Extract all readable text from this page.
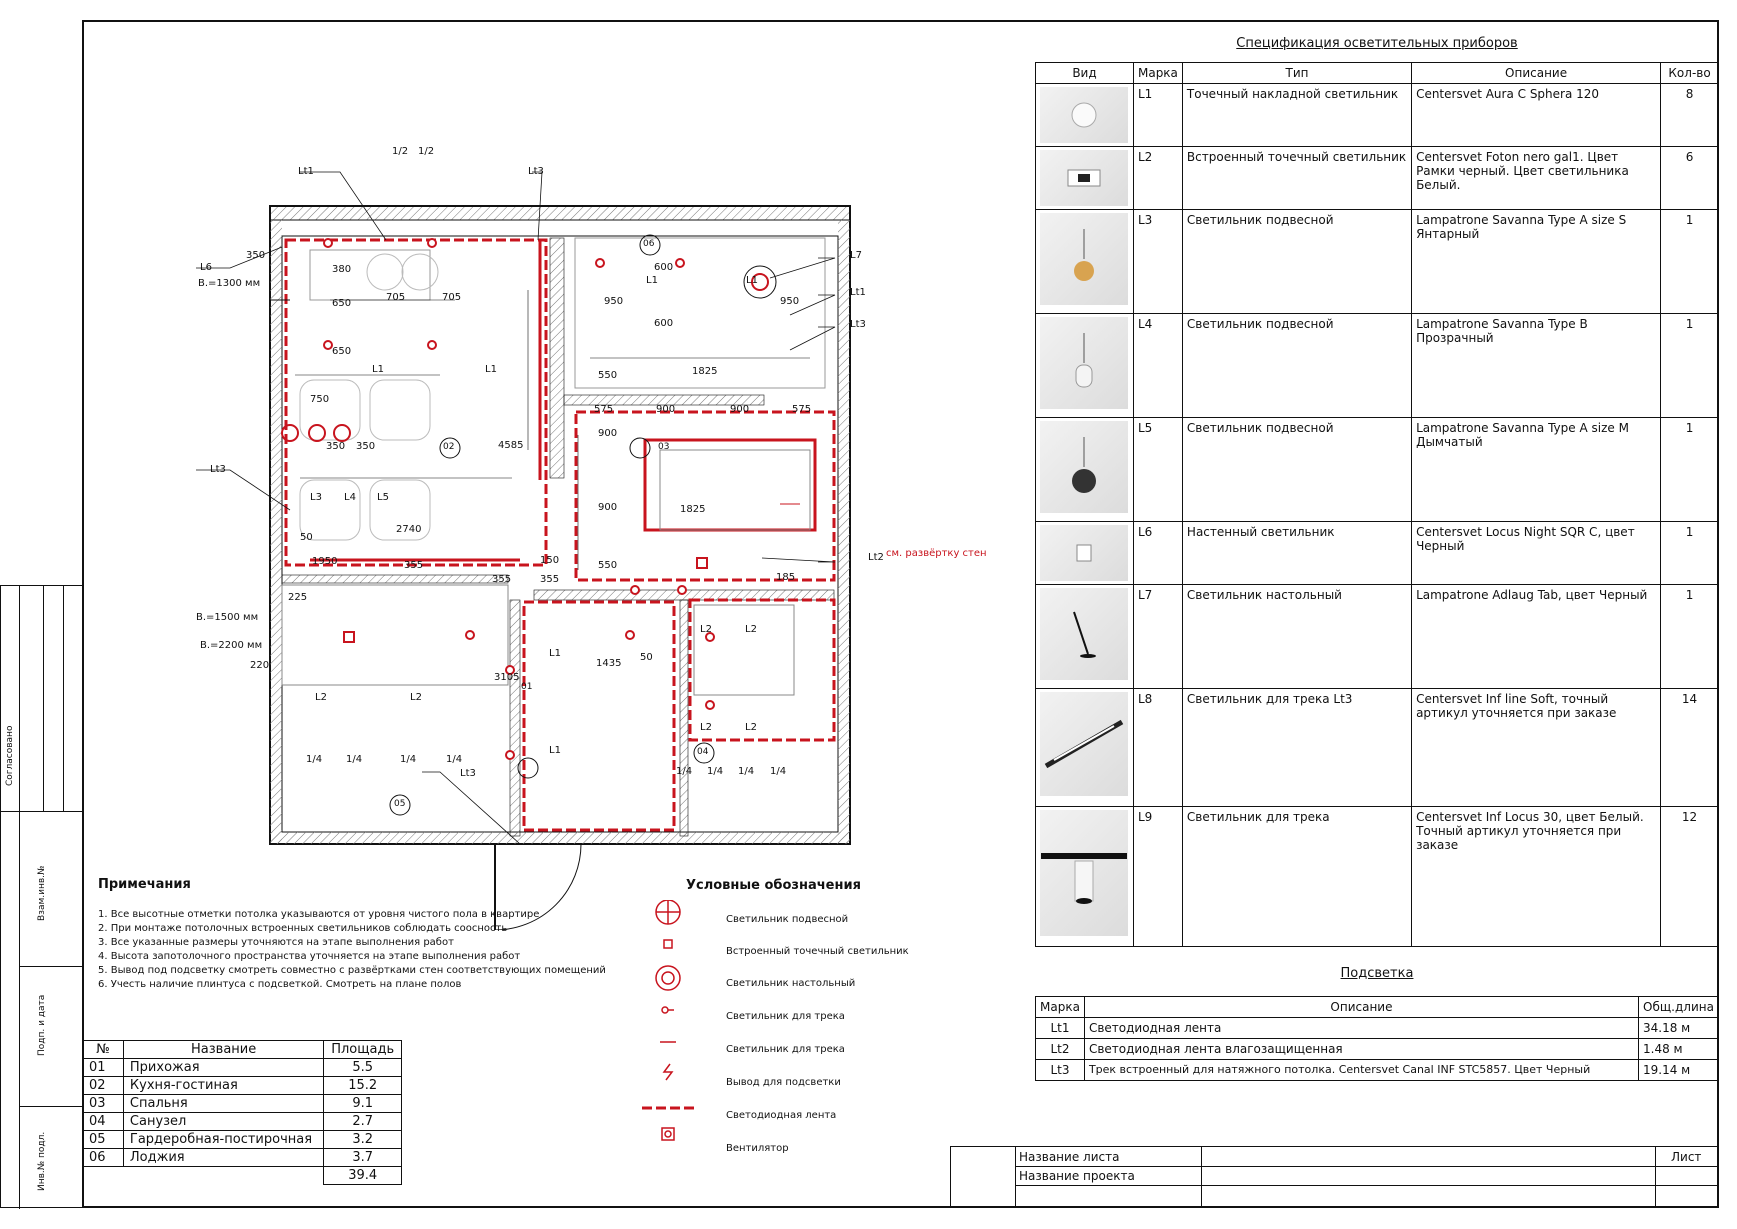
Согласовано
Взам.инв.№
Подп. и дата
Инв.№ подл.
Lt1	Lt3
1/2 1/2
L6
В.=1300 мм
L7
Lt1
Lt3
Lt3
Lt2
Lt3
В.=1500 мм
В.=2200 мм
см. развёртку стен
350
380
650
650
705	705
750
350 350
2740
4585
950	950
600
600
1825
575	900	900	575
550
900
900
550
1825
150
355
355
355
1950
225
220	1435
3105
50
185
50
01
02	03
04
05
06
L1	L1
L1	L1
L1
L1
L2	L2
L2	L2
L2	L2
L3 L4 L5
1/4 1/4	1/4	1/4
1/4 1/4 1/4 1/4
Спецификация осветительных приборов
Вид	Марка	Тип	Описание	Кол-во

	L1	Точечный накладной светильник	Centersvet Aura C Sphera 120	8

	L2	Встроенный точечный светильник	Centersvet Foton nero gal1. Цвет Рамки черный. Цвет светильника Белый.	6

	L3	Светильник подвесной	Lampatrone Savanna Type A size S Янтарный	1

	L4	Светильник подвесной	Lampatrone Savanna Type B Прозрачный	1

	L5	Светильник подвесной	Lampatrone Savanna Type A size M Дымчатый	1

	L6	Настенный светильник	Centersvet Locus Night SQR C, цвет Черный	1

	L7	Светильник настольный	Lampatrone Adlaug Tab, цвет Черный	1

	L8	Светильник для трека Lt3	Centersvet Inf line Soft, точный артикул уточняется при заказе	14

	L9	Светильник для трека	Centersvet Inf Locus 30, цвет Белый. Точный артикул уточняется при заказе	12
Подсветка
Марка	Описание	Общ.длина
Lt1	Светодиодная лента	34.18 м
Lt2	Светодиодная лента влагозащищенная	1.48 м
Lt3	Трек встроенный для натяжного потолка. Centersvet Canal INF STC5857. Цвет Черный	19.14 м
Примечания
1. Все высотные отметки потолка указываются от уровня чистого пола в квартире
2. При монтаже потолочных встроенных светильников соблюдать соосность
3. Все указанные размеры уточняются на этапе выполнения работ
4. Высота запотолочного пространства уточняется на этапе выполнения работ
5. Вывод под подсветку смотреть совместно с развёртками стен соответствующих помещений
6. Учесть наличие плинтуса с подсветкой. Смотреть на плане полов
Условные обозначения
Светильник подвесной
Встроенный точечный светильник
Светильник настольный
Светильник для трека
Светильник для трека
Вывод для подсветки
Светодиодная лента
Вентилятор
№	Название	Площадь
01	Прихожая	5.5
02	Кухня-гостиная	15.2
03	Спальня	9.1
04	Санузел	2.7
05	Гардеробная-постирочная	3.2
06	Лоджия	3.7
		39.4
Название листа
Название проекта
Лист
